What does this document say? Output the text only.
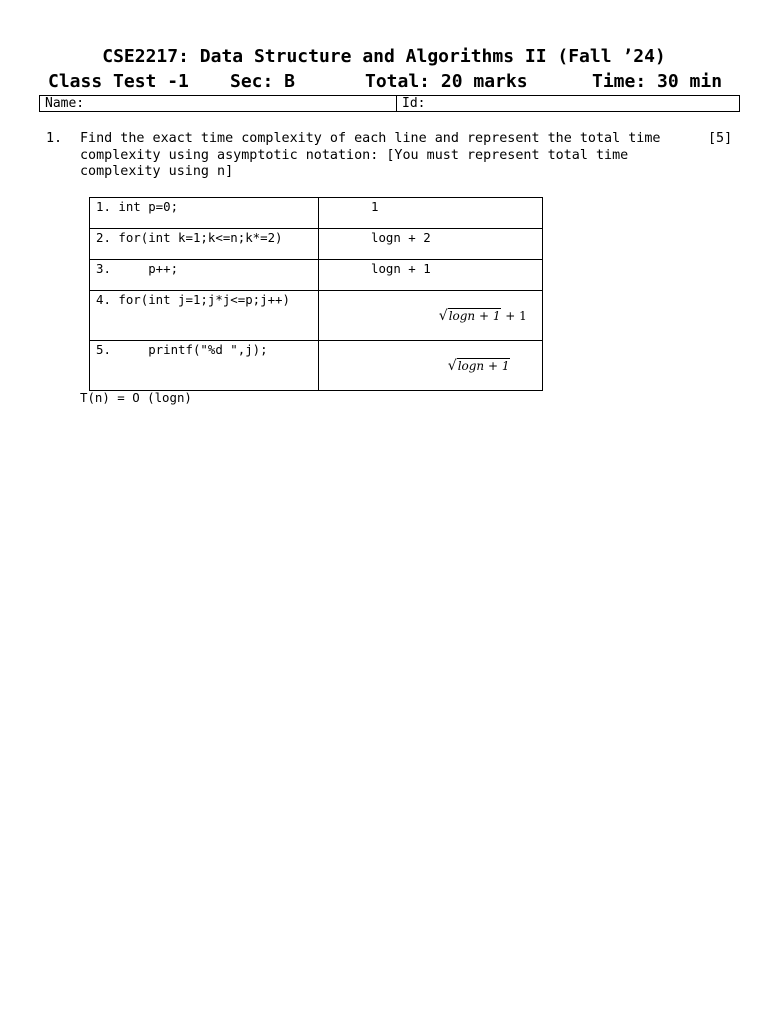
CSE2217: Data Structure and Algorithms II (Fall ’24)
Class Test -1 Sec: B	Total: 20 marks	Time: 30 min
Name:	Id:
1. Find the exact time complexity of each line and represent the total time complexity using asymptotic notation: [You must represent total time complexity using n]
[5]
1. int p=0;	1
2. for(int k=1;k<=n;k*=2)	logn + 2
3.     p++;	logn + 1
4. for(int j=1;j*j<=p;j++)	√logn + 1 + 1

5.     printf("%d ",j);	√logn + 1

T(n) = O (logn)
